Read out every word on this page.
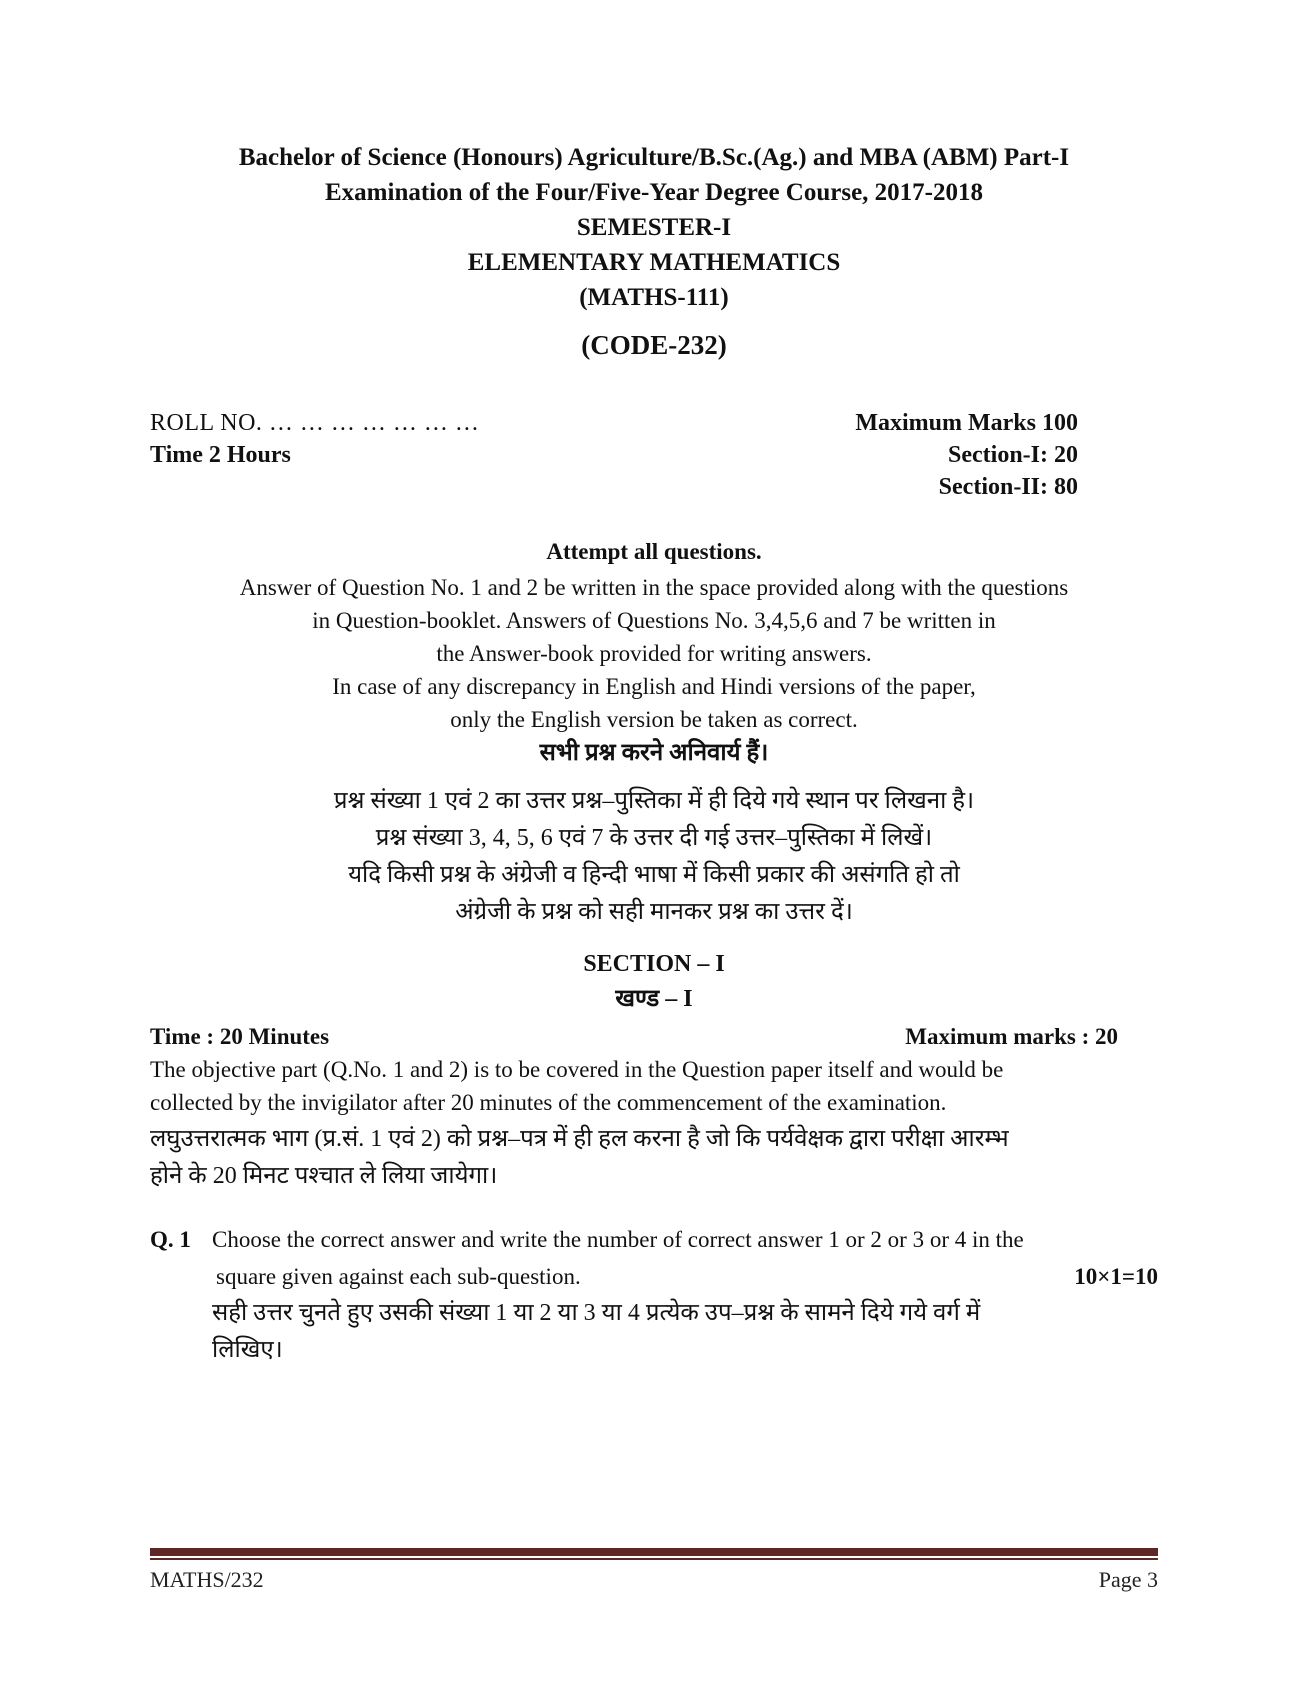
Bachelor of Science (Honours) Agriculture/B.Sc.(Ag.) and MBA (ABM) Part-I
Examination of the Four/Five-Year Degree Course, 2017-2018
SEMESTER-I
ELEMENTARY MATHEMATICS
(MATHS-111)
(CODE-232)
ROLL NO. … … … … … … …
Time 2 Hours
Maximum Marks 100
Section-I: 20
Section-II: 80
Attempt all questions.
Answer of Question No. 1 and 2 be written in the space provided along with the questions
in Question-booklet. Answers of Questions No. 3,4,5,6 and 7 be written in
the Answer-book provided for writing answers.
In case of any discrepancy in English and Hindi versions of the paper,
only the English version be taken as correct.
सभी प्रश्न करने अनिवार्य हैं।
प्रश्न संख्या 1 एवं 2 का उत्तर प्रश्न–पुस्तिका में ही दिये गये स्थान पर लिखना है।
प्रश्न संख्या 3, 4, 5, 6 एवं 7 के उत्तर दी गई उत्तर–पुस्तिका में लिखें।
यदि किसी प्रश्न के अंग्रेजी व हिन्दी भाषा में किसी प्रकार की असंगति हो तो
अंग्रेजी के प्रश्न को सही मानकर प्रश्न का उत्तर दें।
SECTION – I
खण्ड – I
Time : 20 Minutes	Maximum marks : 20
The objective part (Q.No. 1 and 2) is to be covered in the Question paper itself and would be
collected by the invigilator after 20 minutes of the commencement of the examination.
लघुउत्तरात्मक भाग (प्र.सं. 1 एवं 2) को प्रश्न–पत्र में ही हल करना है जो कि पर्यवेक्षक द्वारा परीक्षा आरम्भ
होने के 20 मिनट पश्चात ले लिया जायेगा।
Q. 1 Choose the correct answer and write the number of correct answer 1 or 2 or 3 or 4 in the
square given against each sub-question.	10×1=10
सही उत्तर चुनते हुए उसकी संख्या 1 या 2 या 3 या 4 प्रत्येक उप–प्रश्न के सामने दिये गये वर्ग में
लिखिए।
MATHS/232	Page 3
